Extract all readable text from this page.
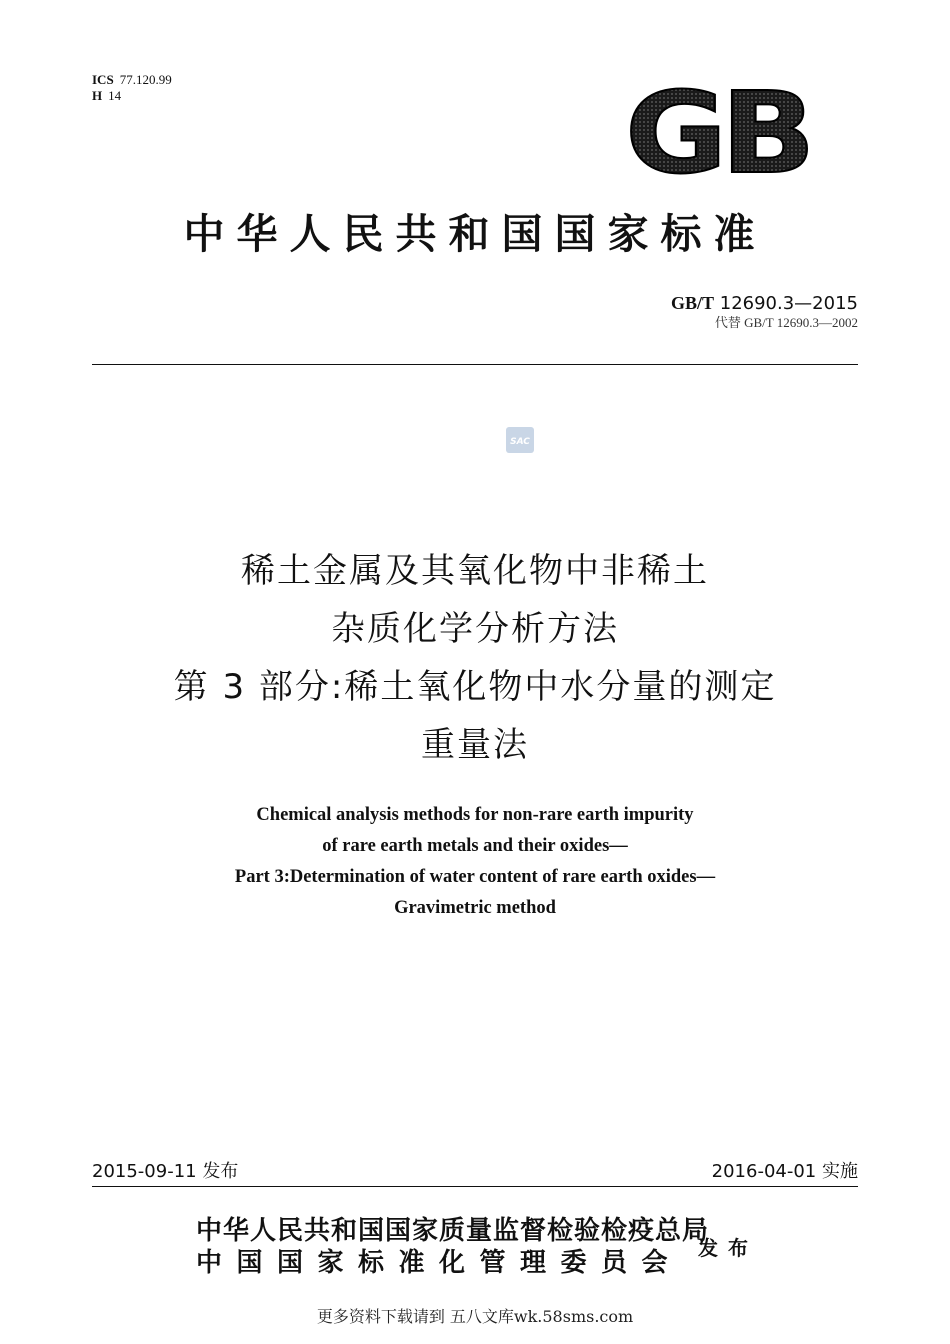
ICS 77.120.99
H 14	GB
中华人民共和国国家标准
GB/T 12690.3—2015
代替 GB/T 12690.3—2002
SAC
稀土金属及其氧化物中非稀土
杂质化学分析方法
第 3 部分:稀土氧化物中水分量的测定
重量法
Chemical analysis methods for non-rare earth impurity
of rare earth metals and their oxides—
Part 3:Determination of water content of rare earth oxides—
Gravimetric method
2015-09-11 发布	2016-04-01 实施
中华人民共和国国家质量监督检验检疫总局
中国国家标准化管理委员会 发布
更多资料下载请到 五八文库wk.58sms.com
